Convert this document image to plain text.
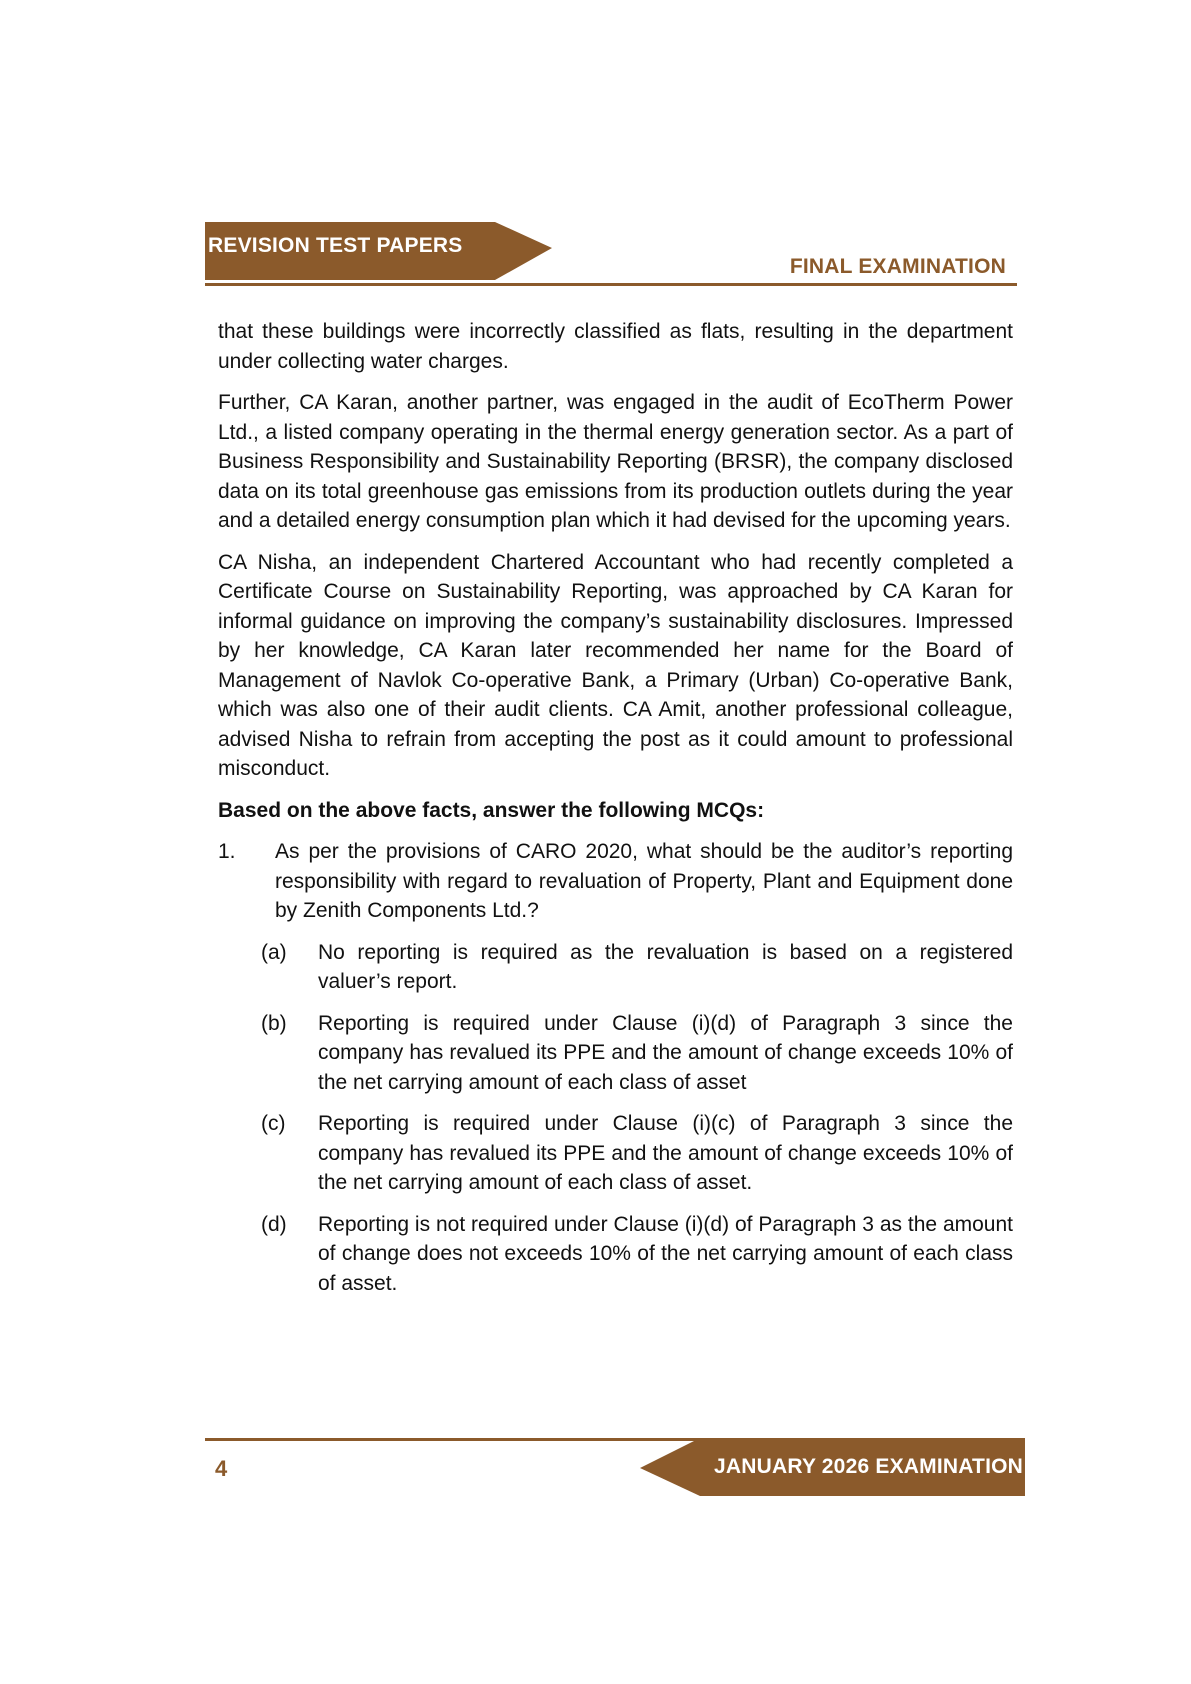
REVISION TEST PAPERS
FINAL EXAMINATION

that these buildings were incorrectly classified as flats, resulting in the department under collecting water charges.

Further, CA Karan, another partner, was engaged in the audit of EcoTherm Power Ltd., a listed company operating in the thermal energy generation sector. As a part of Business Responsibility and Sustainability Reporting (BRSR), the company disclosed data on its total greenhouse gas emissions from its production outlets during the year and a detailed energy consumption plan which it had devised for the upcoming years.

CA Nisha, an independent Chartered Accountant who had recently completed a Certificate Course on Sustainability Reporting, was approached by CA Karan for informal guidance on improving the company’s sustainability disclosures. Impressed by her knowledge, CA Karan later recommended her name for the Board of Management of Navlok Co-operative Bank, a Primary (Urban) Co-operative Bank, which was also one of their audit clients. CA Amit, another professional colleague, advised Nisha to refrain from accepting the post as it could amount to professional misconduct.

Based on the above facts, answer the following MCQs:

1.	As per the provisions of CARO 2020, what should be the auditor’s reporting responsibility with regard to revaluation of Property, Plant and Equipment done by Zenith Components Ltd.?
(a)	No reporting is required as the revaluation is based on a registered valuer’s report.
(b)	Reporting is required under Clause (i)(d) of Paragraph 3 since the company has revalued its PPE and the amount of change exceeds 10% of the net carrying amount of each class of asset
(c)	Reporting is required under Clause (i)(c) of Paragraph 3 since the company has revalued its PPE and the amount of change exceeds 10% of the net carrying amount of each class of asset.
(d)	Reporting is not required under Clause (i)(d) of Paragraph 3 as the amount of change does not exceeds 10% of the net carrying amount of each class of asset.
4	JANUARY 2026 EXAMINATION
